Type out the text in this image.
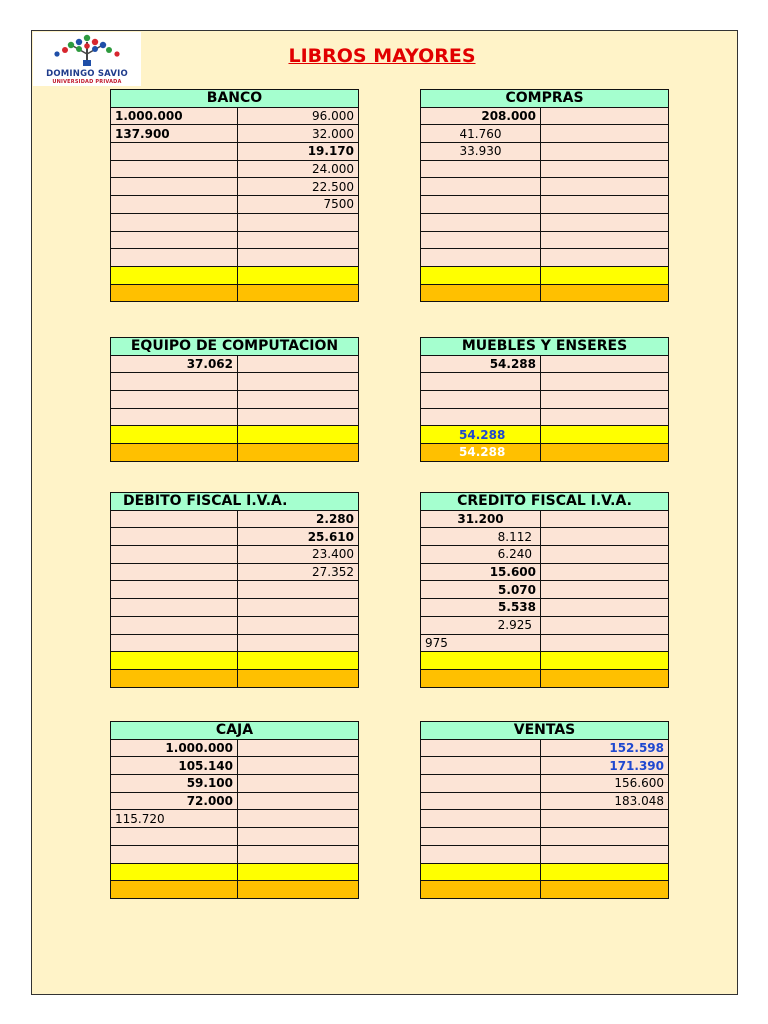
DOMINGO SAVIO
UNIVERSIDAD PRIVADA
LIBROS MAYORES
BANCO	
1.000.000	96.000
137.900	32.000
	19.170
	24.000
	22.500
	7500

COMPRAS	
208.000	
41.760	
33.930	

EQUIPO DE COMPUTACION	
37.062	

MUEBLES Y ENSERES	
54.288	

54.288	
54.288	
DEBITO FISCAL I.V.A.	
	2.280
	25.610
	23.400
	27.352

CREDITO FISCAL I.V.A.	
31.200	
8.112	
6.240	
15.600	
5.070	
5.538	
2.925	
975	

CAJA	
1.000.000	
105.140	
59.100	
72.000	
115.720	

VENTAS	
	152.598
	171.390
	156.600
	183.048
